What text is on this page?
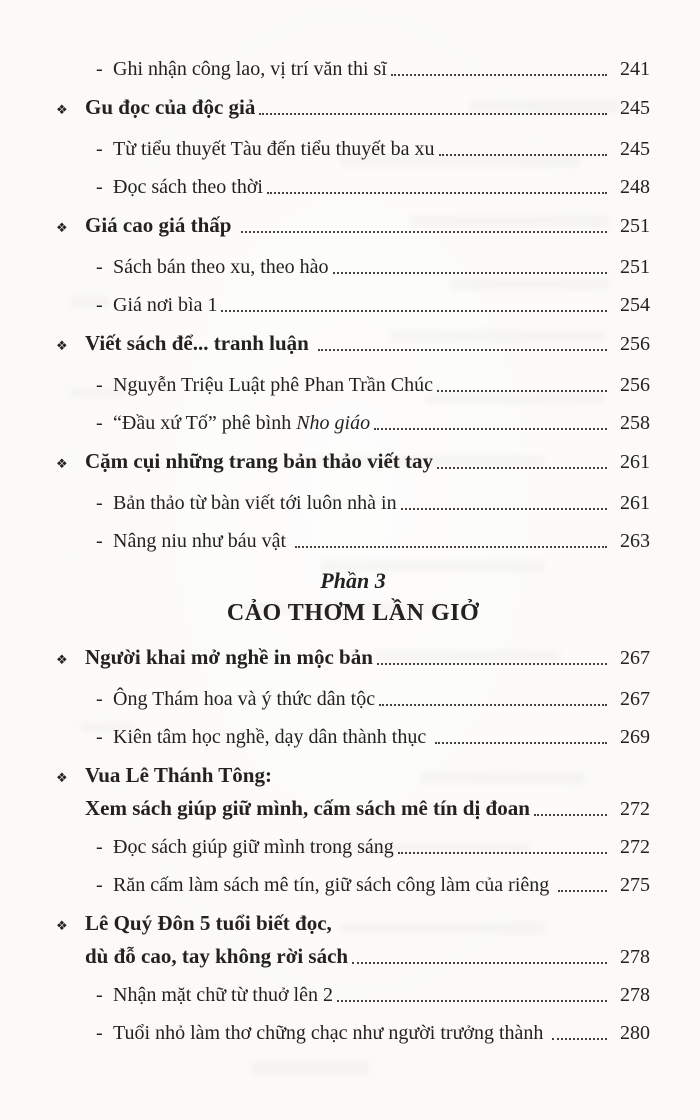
- Ghi nhận công lao, vị trí văn thi sĩ	241
❖ Gu đọc của độc giả	245
- Từ tiểu thuyết Tàu đến tiểu thuyết ba xu	245
- Đọc sách theo thời	248
❖ Giá cao giá thấp	251
- Sách bán theo xu, theo hào	251
- Giá nơi bìa 1	254
❖ Viết sách để... tranh luận	256
- Nguyễn Triệu Luật phê Phan Trần Chúc	256
- “Đầu xứ Tố” phê bình Nho giáo	258
❖ Cặm cụi những trang bản thảo viết tay	261
- Bản thảo từ bàn viết tới luôn nhà in	261
- Nâng niu như báu vật	263
Phần 3
CẢO THƠM LẦN GIỞ
❖ Người khai mở nghề in mộc bản	267
- Ông Thám hoa và ý thức dân tộc	267
- Kiên tâm học nghề, dạy dân thành thục	269
❖ Vua Lê Thánh Tông:
Xem sách giúp giữ mình, cấm sách mê tín dị đoan	272
- Đọc sách giúp giữ mình trong sáng	272
- Răn cấm làm sách mê tín, giữ sách công làm của riêng	275
❖ Lê Quý Đôn 5 tuổi biết đọc,
dù đỗ cao, tay không rời sách	278
- Nhận mặt chữ từ thuở lên 2	278
- Tuổi nhỏ làm thơ chững chạc như người trưởng thành	280
